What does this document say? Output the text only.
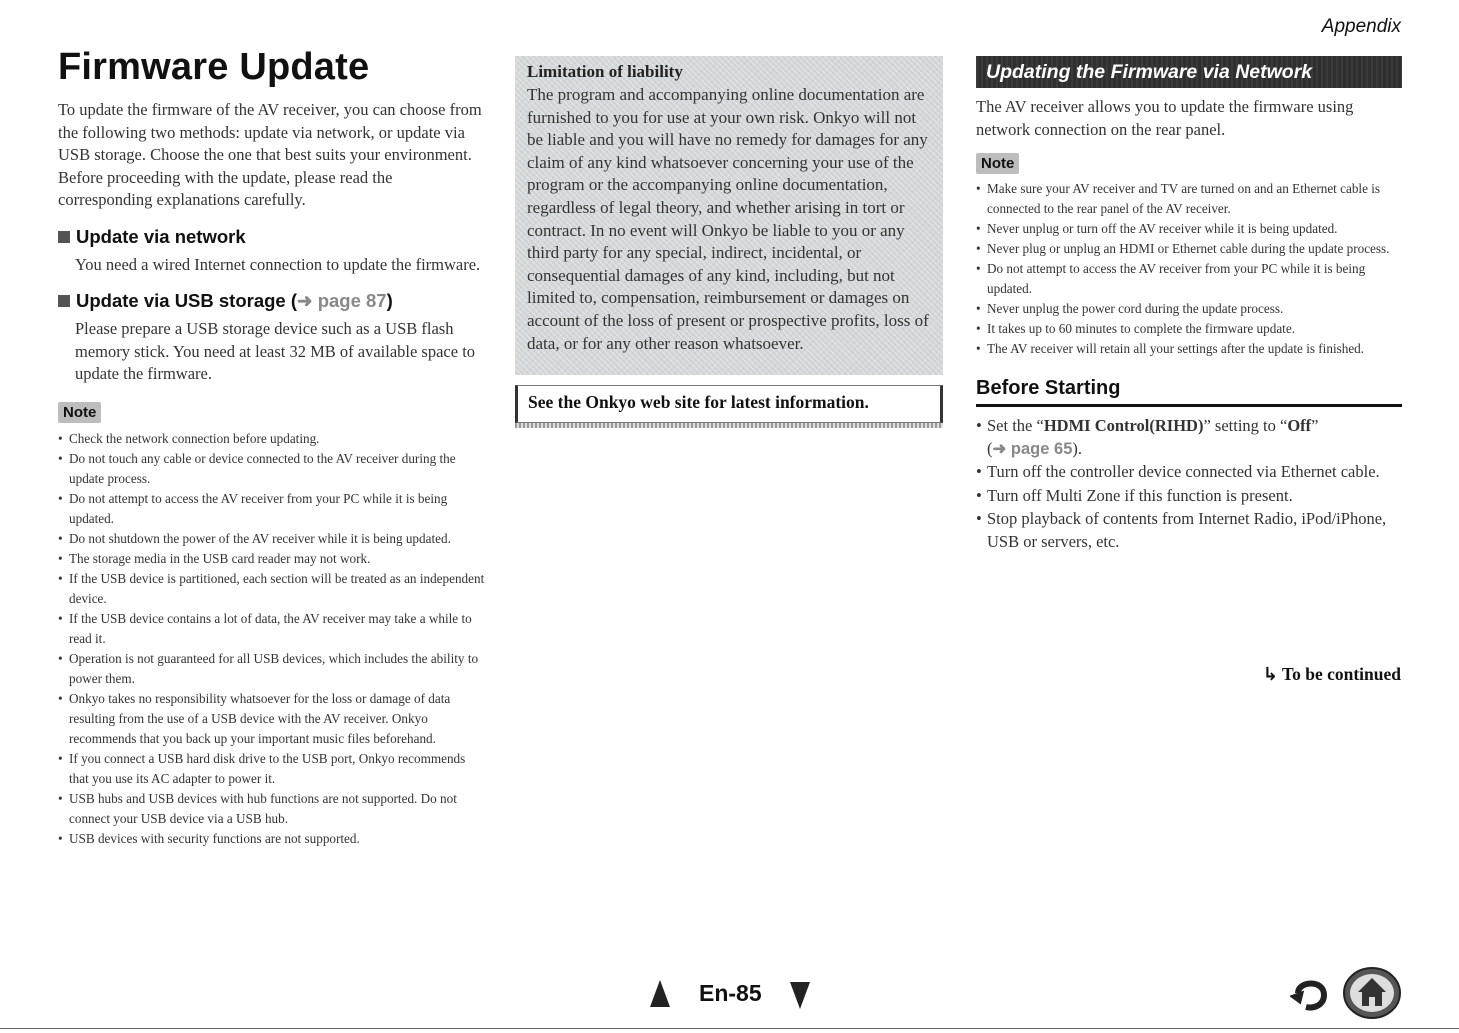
Appendix
Firmware Update

To update the firmware of the AV receiver, you can choose from the following two methods: update via network, or update via USB storage. Choose the one that best suits your environment. Before proceeding with the update, please read the corresponding explanations carefully.

Update via network

You need a wired Internet connection to update the firmware.

Update via USB storage ( ➜ page 87 )

Please prepare a USB storage device such as a USB flash memory stick. You need at least 32 MB of available space to update the firmware.

Note
• Check the network connection before updating.
• Do not touch any cable or device connected to the AV receiver during the update process.
• Do not attempt to access the AV receiver from your PC while it is being updated.
• Do not shutdown the power of the AV receiver while it is being updated.
• The storage media in the USB card reader may not work.
• If the USB device is partitioned, each section will be treated as an independent device.
• If the USB device contains a lot of data, the AV receiver may take a while to read it.
• Operation is not guaranteed for all USB devices, which includes the ability to power them.
• Onkyo takes no responsibility whatsoever for the loss or damage of data resulting from the use of a USB device with the AV receiver. Onkyo recommends that you back up your important music files beforehand.
• If you connect a USB hard disk drive to the USB port, Onkyo recommends that you use its AC adapter to power it.
• USB hubs and USB devices with hub functions are not supported. Do not connect your USB device via a USB hub.
• USB devices with security functions are not supported.
Limitation of liability

The program and accompanying online documentation are furnished to you for use at your own risk. Onkyo will not be liable and you will have no remedy for damages for any claim of any kind whatsoever concerning your use of the program or the accompanying online documentation, regardless of legal theory, and whether arising in tort or contract. In no event will Onkyo be liable to you or any third party for any special, indirect, incidental, or consequential damages of any kind, including, but not limited to, compensation, reimbursement or damages on account of the loss of present or prospective profits, loss of data, or for any other reason whatsoever.

See the Onkyo web site for latest information.
Updating the Firmware via Network

The AV receiver allows you to update the firmware using network connection on the rear panel.

Note
• Make sure your AV receiver and TV are turned on and an Ethernet cable is connected to the rear panel of the AV receiver.
• Never unplug or turn off the AV receiver while it is being updated.
• Never plug or unplug an HDMI or Ethernet cable during the update process.
• Do not attempt to access the AV receiver from your PC while it is being updated.
• Never unplug the power cord during the update process.
• It takes up to 60 minutes to complete the firmware update.
• The AV receiver will retain all your settings after the update is finished.
Before Starting
• Set the “HDMI Control(RIHD)” setting to “Off”
(➜ page 65).
• Turn off the controller device connected via Ethernet cable.
• Turn off Multi Zone if this function is present.
• Stop playback of contents from Internet Radio, iPod/iPhone, USB or servers, etc.
↳ To be continued
En-85
